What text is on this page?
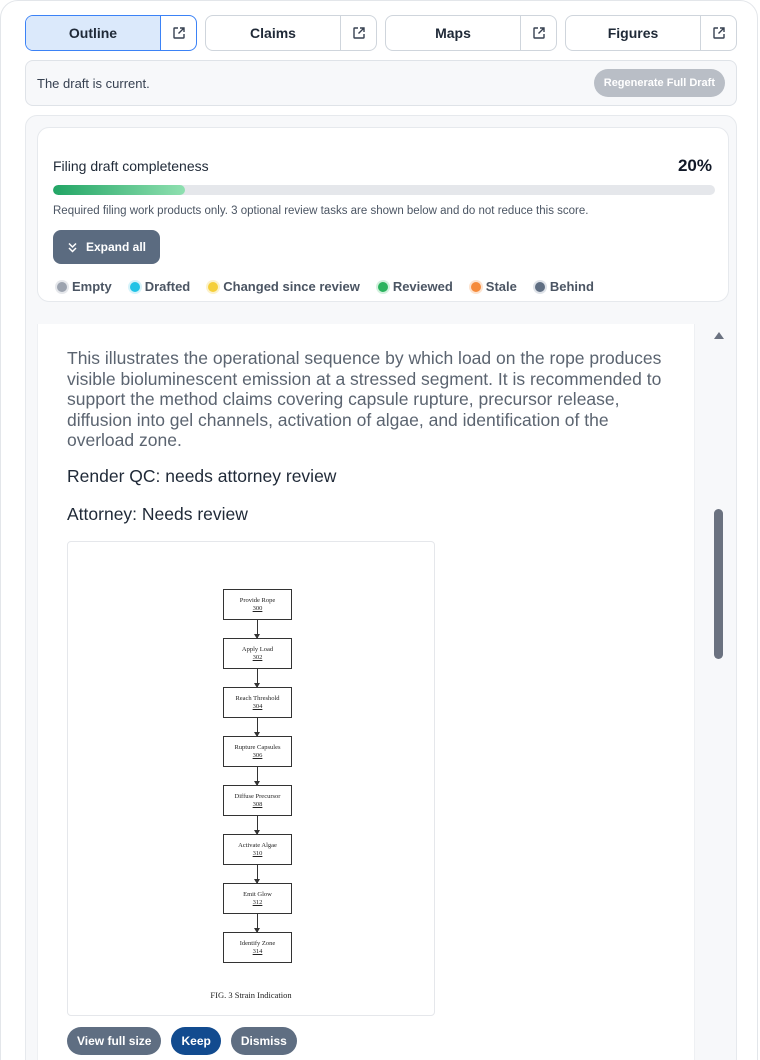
Outline	Claims	Maps	Figures
The draft is current.	Regenerate Full Draft
Filing draft completeness	20%
Required filing work products only. 3 optional review tasks are shown below and do not reduce this score.
Expand all
Empty	Drafted	Changed since review	Reviewed	Stale	Behind
This illustrates the operational sequence by which load on the rope produces visible bioluminescent emission at a stressed segment. It is recommended to support the method claims covering capsule rupture, precursor release, diffusion into gel channels, activation of algae, and identification of the overload zone.
Render QC: needs attorney review
Attorney: Needs review
FIG. 3 Strain Indication
Provide Rope
300
Apply Load
302
Reach Threshold
304
Rupture Capsules
306
Diffuse Precursor
308
Activate Algae
310
Emit Glow
312
Identify Zone
314
View full size	Keep	Dismiss
